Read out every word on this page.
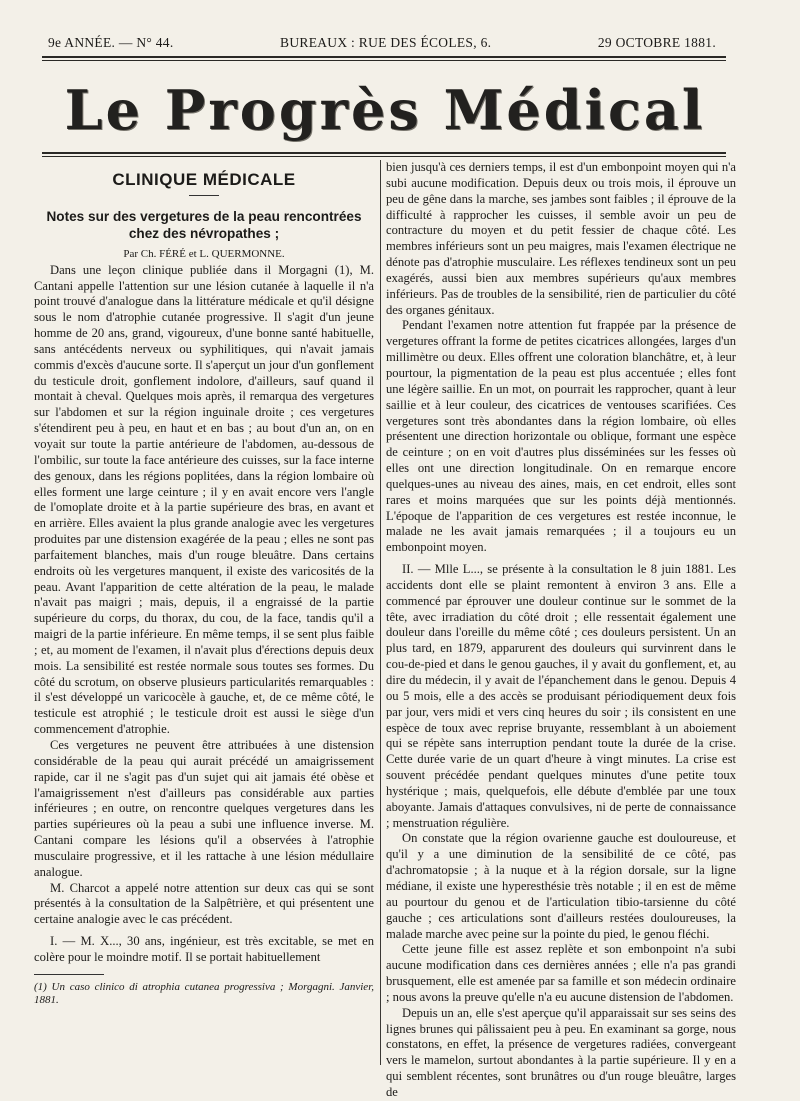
9e ANNÉE. — N° 44.	BUREAUX : RUE DES ÉCOLES, 6.	29 OCTOBRE 1881.
Le Progrès Médical
CLINIQUE MÉDICALE
Notes sur des vergetures de la peau rencontrées chez des névropathes ;

Par Ch. FÉRÉ et L. QUERMONNE.

Dans une leçon clinique publiée dans il Morgagni (1), M. Cantani appelle l'attention sur une lésion cutanée à laquelle il n'a point trouvé d'analogue dans la littérature médicale et qu'il désigne sous le nom d'atrophie cutanée progressive. Il s'agit d'un jeune homme de 20 ans, grand, vigoureux, d'une bonne santé habituelle, sans antécédents nerveux ou syphilitiques, qui n'avait jamais commis d'excès d'aucune sorte. Il s'aperçut un jour d'un gonflement du testicule droit, gonflement indolore, d'ailleurs, sauf quand il montait à cheval. Quelques mois après, il remarqua des vergetures sur l'abdomen et sur la région inguinale droite ; ces vergetures s'étendirent peu à peu, en haut et en bas ; au bout d'un an, on en voyait sur toute la partie antérieure de l'abdomen, au-dessous de l'ombilic, sur toute la face antérieure des cuisses, sur la face interne des genoux, dans les régions poplitées, dans la région lombaire où elles forment une large ceinture ; il y en avait encore vers l'angle de l'omoplate droite et à la partie supérieure des bras, en avant et en arrière. Elles avaient la plus grande analogie avec les vergetures produites par une distension exagérée de la peau ; elles ne sont pas parfaitement blanches, mais d'un rouge bleuâtre. Dans certains endroits où les vergetures manquent, il existe des varicosités de la peau. Avant l'apparition de cette altération de la peau, le malade n'avait pas maigri ; mais, depuis, il a engraissé de la partie supérieure du corps, du thorax, du cou, de la face, tandis qu'il a maigri de la partie inférieure. En même temps, il se sent plus faible ; et, au moment de l'examen, il n'avait plus d'érections depuis deux mois. La sensibilité est restée normale sous toutes ses formes. Du côté du scrotum, on observe plusieurs particularités remarquables : il s'est développé un varicocèle à gauche, et, de ce même côté, le testicule est atrophié ; le testicule droit est aussi le siège d'un commencement d'atrophie.

Ces vergetures ne peuvent être attribuées à une distension considérable de la peau qui aurait précédé un amaigrissement rapide, car il ne s'agit pas d'un sujet qui ait jamais été obèse et l'amaigrissement n'est d'ailleurs pas considérable aux parties inférieures ; en outre, on rencontre quelques vergetures dans les parties supérieures où la peau a subi une influence inverse. M. Cantani compare les lésions qu'il a observées à l'atrophie musculaire progressive, et il les rattache à une lésion médullaire analogue.

M. Charcot a appelé notre attention sur deux cas qui se sont présentés à la consultation de la Salpêtrière, et qui présentent une certaine analogie avec le cas précédent.

I. — M. X..., 30 ans, ingénieur, est très excitable, se met en colère pour le moindre motif. Il se portait habituellement

(1) Un caso clinico di atrophia cutanea progressiva ; Morgagni. Janvier, 1881.

bien jusqu'à ces derniers temps, il est d'un embonpoint moyen qui n'a subi aucune modification. Depuis deux ou trois mois, il éprouve un peu de gêne dans la marche, ses jambes sont faibles ; il éprouve de la difficulté à rapprocher les cuisses, il semble avoir un peu de contracture du moyen et du petit fessier de chaque côté. Les membres inférieurs sont un peu maigres, mais l'examen électrique ne dénote pas d'atrophie musculaire. Les réflexes tendineux sont un peu exagérés, aussi bien aux membres supérieurs qu'aux membres inférieurs. Pas de troubles de la sensibilité, rien de particulier du côté des organes génitaux.

Pendant l'examen notre attention fut frappée par la présence de vergetures offrant la forme de petites cicatrices allongées, larges d'un millimètre ou deux. Elles offrent une coloration blanchâtre, et, à leur pourtour, la pigmentation de la peau est plus accentuée ; elles font une légère saillie. En un mot, on pourrait les rapprocher, quant à leur saillie et à leur couleur, des cicatrices de ventouses scarifiées. Ces vergetures sont très abondantes dans la région lombaire, où elles présentent une direction horizontale ou oblique, formant une espèce de ceinture ; on en voit d'autres plus disséminées sur les fesses où elles ont une direction longitudinale. On en remarque encore quelques-unes au niveau des aines, mais, en cet endroit, elles sont rares et moins marquées que sur les points déjà mentionnés. L'époque de l'apparition de ces vergetures est restée inconnue, le malade ne les avait jamais remarquées ; il a toujours eu un embonpoint moyen.

II. — Mlle L..., se présente à la consultation le 8 juin 1881. Les accidents dont elle se plaint remontent à environ 3 ans. Elle a commencé par éprouver une douleur continue sur le sommet de la tête, avec irradiation du côté droit ; elle ressentait également une douleur dans l'oreille du même côté ; ces douleurs persistent. Un an plus tard, en 1879, apparurent des douleurs qui survinrent dans le cou-de-pied et dans le genou gauches, il y avait du gonflement, et, au dire du médecin, il y avait de l'épanchement dans le genou. Depuis 4 ou 5 mois, elle a des accès se produisant périodiquement deux fois par jour, vers midi et vers cinq heures du soir ; ils consistent en une espèce de toux avec reprise bruyante, ressemblant à un aboiement qui se répète sans interruption pendant toute la durée de la crise. Cette durée varie de un quart d'heure à vingt minutes. La crise est souvent précédée pendant quelques minutes d'une petite toux hystérique ; mais, quelquefois, elle débute d'emblée par une toux aboyante. Jamais d'attaques convulsives, ni de perte de connaissance ; menstruation régulière.

On constate que la région ovarienne gauche est douloureuse, et qu'il y a une diminution de la sensibilité de ce côté, pas d'achromatopsie ; à la nuque et à la région dorsale, sur la ligne médiane, il existe une hyperesthésie très notable ; il en est de même au pourtour du genou et de l'articulation tibio-tarsienne du côté gauche ; ces articulations sont d'ailleurs restées douloureuses, la malade marche avec peine sur la pointe du pied, le genou fléchi.

Cette jeune fille est assez replète et son embonpoint n'a subi aucune modification dans ces dernières années ; elle n'a pas grandi brusquement, elle est amenée par sa famille et son médecin ordinaire ; nous avons la preuve qu'elle n'a eu aucune distension de l'abdomen.

Depuis un an, elle s'est aperçue qu'il apparaissait sur ses seins des lignes brunes qui pâlissaient peu à peu. En examinant sa gorge, nous constatons, en effet, la présence de vergetures radiées, convergeant vers le mamelon, surtout abondantes à la partie supérieure. Il y en a qui semblent récentes, sont brunâtres ou d'un rouge bleuâtre, larges de
